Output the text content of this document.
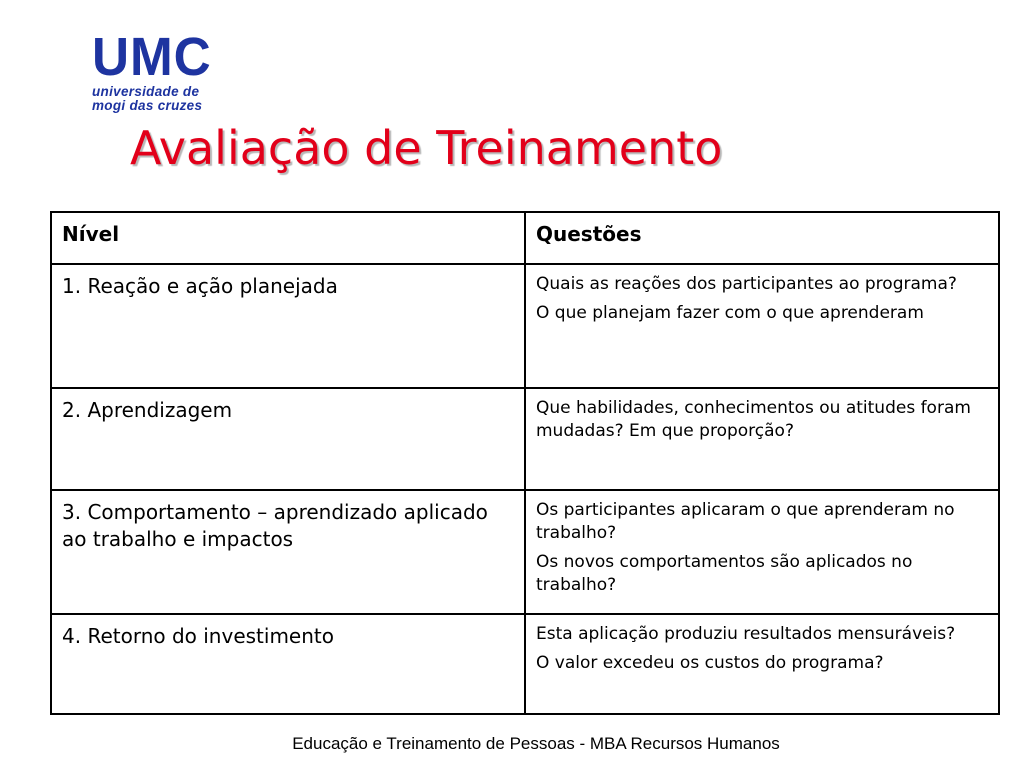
UMC
universidade de
mogi das cruzes
Avaliação de Treinamento
Nível	Questões
1. Reação e ação planejada	Quais as reações dos participantes ao programa?

O que planejam fazer com o que aprenderam

2. Aprendizagem	Que habilidades, conhecimentos ou atitudes foram mudadas? Em que proporção?

3. Comportamento – aprendizado aplicado ao trabalho e impactos	Os participantes aplicaram o que aprenderam no trabalho?

Os novos comportamentos são aplicados no trabalho?

4. Retorno do investimento	Esta aplicação produziu resultados mensuráveis?

O valor excedeu os custos do programa?

Educação e Treinamento de Pessoas - MBA Recursos Humanos
